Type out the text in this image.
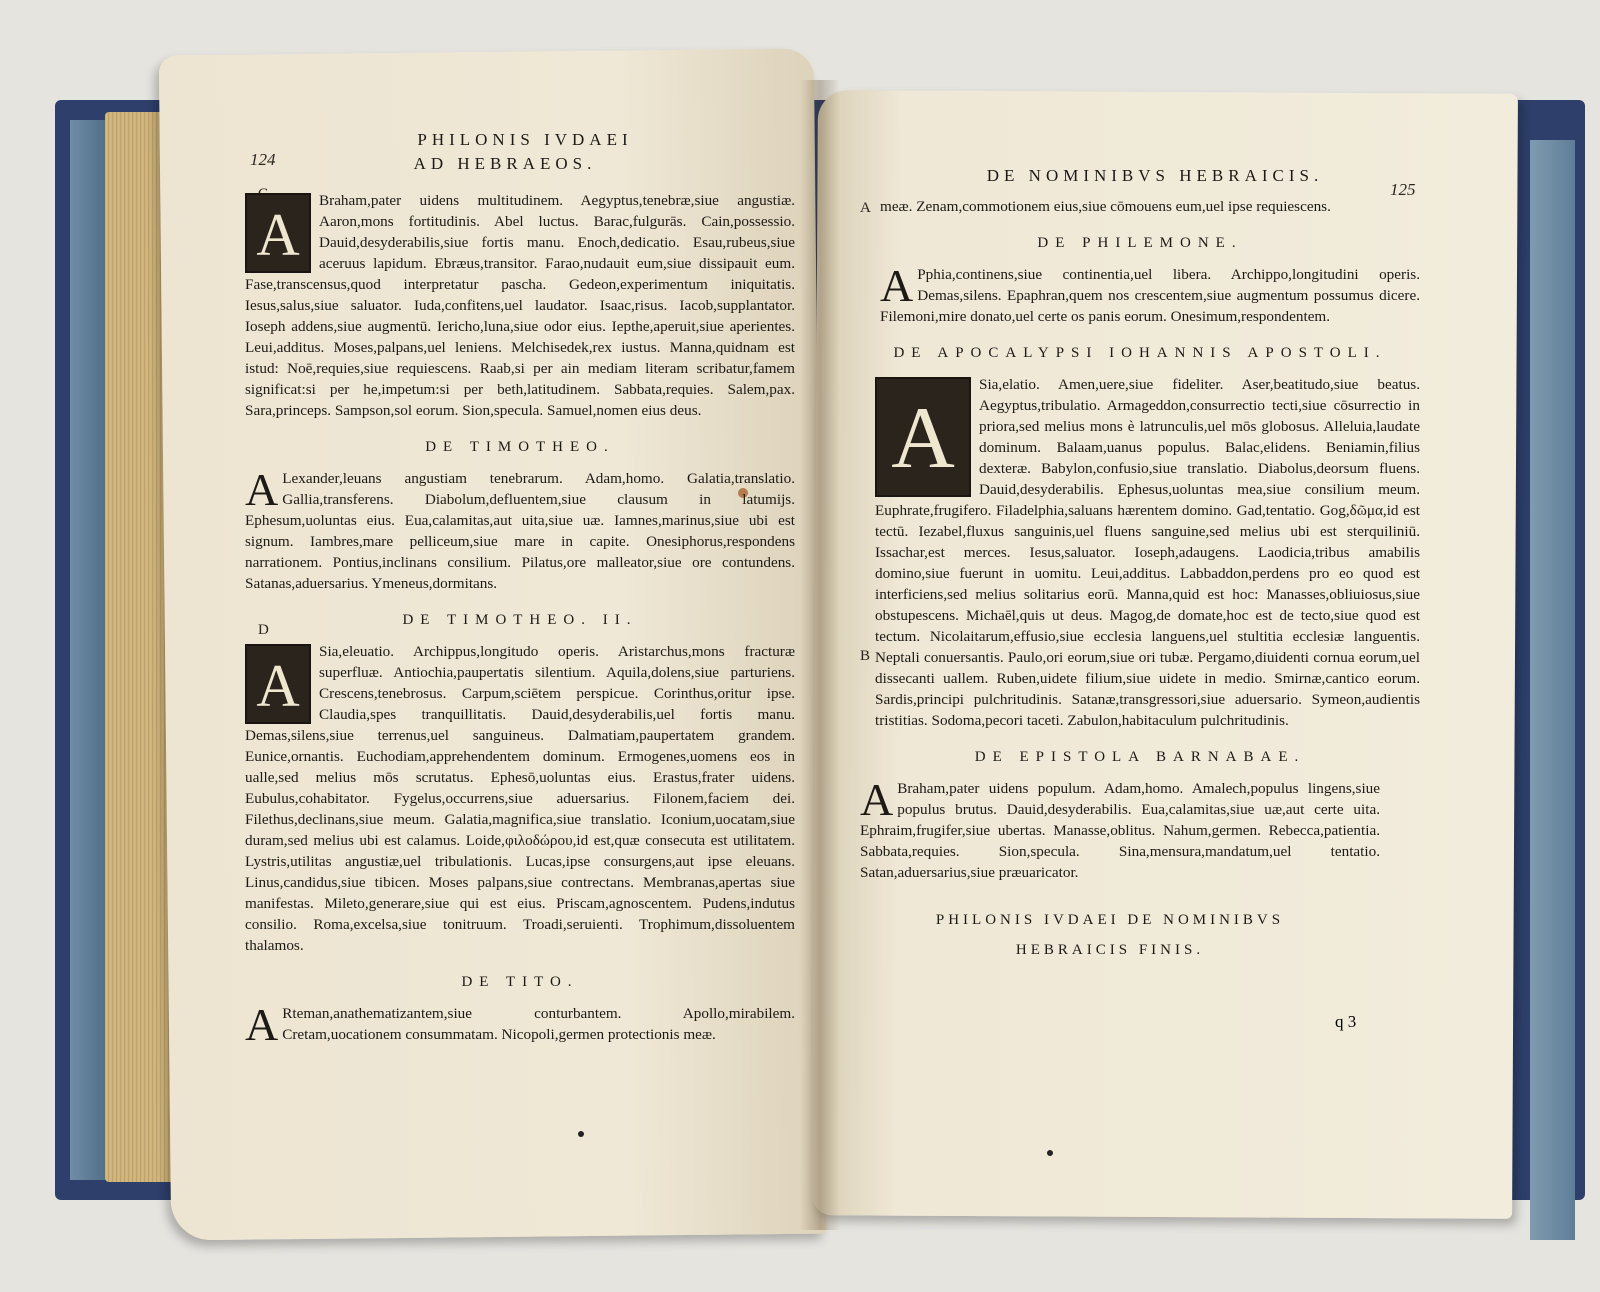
124
D
PHILONIS IVDAEI
AD HEBRAEOS.
A

Braham,pater uidens multitudinem. Aegyptus,tenebræ,siue angustiæ. Aaron,mons fortitudinis. Abel luctus. Barac,fulgurās. Cain,possessio. Dauid,desyderabilis,siue fortis manu. Enoch,dedicatio. Esau,rubeus,siue aceruus lapidum. Ebræus,transitor. Farao,nudauit eum,siue dissipauit eum. Fase,transcensus,quod interpretatur pascha. Gedeon,experimentum iniquitatis. Iesus,salus,siue saluator. Iuda,confitens,uel laudator. Isaac,risus. Iacob,supplantator. Ioseph addens,siue augmentū. Iericho,luna,siue odor eius. Iepthe,aperuit,siue aperientes. Leui,additus. Moses,palpans,uel leniens. Melchisedek,rex iustus. Manna,quidnam est istud: Noē,requies,siue requiescens. Raab,si per ain mediam literam scribatur,famem significat:si per he,impetum:si per beth,latitudinem. Sabbata,requies. Salem,pax. Sara,princeps. Sampson,sol eorum. Sion,specula. Samuel,nomen eius deus.

DE TIMOTHEO.
A Lexander,leuans angustiam tenebrarum. Adam,homo. Galatia,translatio. Gallia,transferens. Diabolum,defluentem,siue clausum in latumijs. Ephesum,uoluntas eius. Eua,calamitas,aut uita,siue uæ. Iamnes,marinus,siue ubi est signum. Iambres,mare pelliceum,siue mare in capite. Onesiphorus,respondens narrationem. Pontius,inclinans consilium. Pilatus,ore malleator,siue ore contundens. Satanas,aduersarius. Ymeneus,dormitans.

DE TIMOTHEO. II.
A

Sia,eleuatio. Archippus,longitudo operis. Aristarchus,mons fracturæ superfluæ. Antiochia,paupertatis silentium. Aquila,dolens,siue parturiens. Crescens,tenebrosus. Carpum,sciētem perspicue. Corinthus,oritur ipse. Claudia,spes tranquillitatis. Dauid,desyderabilis,uel fortis manu. Demas,silens,siue terrenus,uel sanguineus. Dalmatiam,paupertatem grandem. Eunice,ornantis. Euchodiam,apprehendentem dominum. Ermogenes,uomens eos in ualle,sed melius mōs scrutatus. Ephesō,uoluntas eius. Erastus,frater uidens. Eubulus,cohabitator. Fygelus,occurrens,siue aduersarius. Filonem,faciem dei. Filethus,declinans,siue meum. Galatia,magnifica,siue translatio. Iconium,uocatam,siue duram,sed melius ubi est calamus. Loide,φιλοδώρου,id est,quæ consecuta est utilitatem. Lystris,utilitas angustiæ,uel tribulationis. Lucas,ipse consurgens,aut ipse eleuans. Linus,candidus,siue tibicen. Moses palpans,siue contrectans. Membranas,apertas siue manifestas. Mileto,generare,siue qui est eius. Priscam,agnoscentem. Pudens,indutus consilio. Roma,excelsa,siue tonitruum. Troadi,seruienti. Trophimum,dissoluentem thalamos.

DE TITO.
A Rteman,anathematizantem,siue conturbantem. Apollo,mirabilem. Cretam,uocationem consummatam. Nicopoli,germen protectionis meæ.

125
A
B
q 3
DE NOMINIBVS HEBRAICIS.
meæ. Zenam,commotionem eius,siue cōmouens eum,uel ipse requiescens.
DE PHILEMONE.
A Pphia,continens,siue continentia,uel libera. Archippo,longitudini operis. Demas,silens. Epaphran,quem nos crescentem,siue augmentum possumus dicere. Filemoni,mire donato,uel certe os panis eorum. Onesimum,respondentem.

DE APOCALYPSI IOHANNIS APOSTOLI.
A

Sia,elatio. Amen,uere,siue fideliter. Aser,beatitudo,siue beatus. Aegyptus,tribulatio. Armageddon,consurrectio tecti,siue cōsurrectio in priora,sed melius mons è latrunculis,uel mōs globosus. Alleluia,laudate dominum. Balaam,uanus populus. Balac,elidens. Beniamin,filius dexteræ. Babylon,confusio,siue translatio. Diabolus,deorsum fluens. Dauid,desyderabilis. Ephesus,uoluntas mea,siue consilium meum. Euphrate,frugifero. Filadelphia,saluans hærentem domino. Gad,tentatio. Gog,δῶμα,id est tectū. Iezabel,fluxus sanguinis,uel fluens sanguine,sed melius ubi est sterquiliniū. Issachar,est merces. Iesus,saluator. Ioseph,adaugens. Laodicia,tribus amabilis domino,siue fuerunt in uomitu. Leui,additus. Labbaddon,perdens pro eo quod est interficiens,sed melius solitarius eorū. Manna,quid est hoc: Manasses,obliuiosus,siue obstupescens. Michaēl,quis ut deus. Magog,de domate,hoc est de tecto,siue quod est tectum. Nicolaitarum,effusio,siue ecclesia languens,uel stultitia ecclesiæ languentis. Neptali conuersantis. Paulo,ori eorum,siue ori tubæ. Pergamo,diuidenti cornua eorum,uel dissecanti uallem. Ruben,uidete filium,siue uidete in medio. Smirnæ,cantico eorum. Sardis,principi pulchritudinis. Satanæ,transgressori,siue aduersario. Symeon,audientis tristitias. Sodoma,pecori taceti. Zabulon,habitaculum pulchritudinis.

DE EPISTOLA BARNABAE.
A Braham,pater uidens populum. Adam,homo. Amalech,populus lingens,siue populus brutus. Dauid,desyderabilis. Eua,calamitas,siue uæ,aut certe uita. Ephraim,frugifer,siue ubertas. Manasse,oblitus. Nahum,germen. Rebecca,patientia. Sabbata,requies. Sion,specula. Sina,mensura,mandatum,uel tentatio. Satan,aduersarius,siue præuaricator.

PHILONIS IVDAEI DE NOMINIBVS
HEBRAICIS FINIS.
